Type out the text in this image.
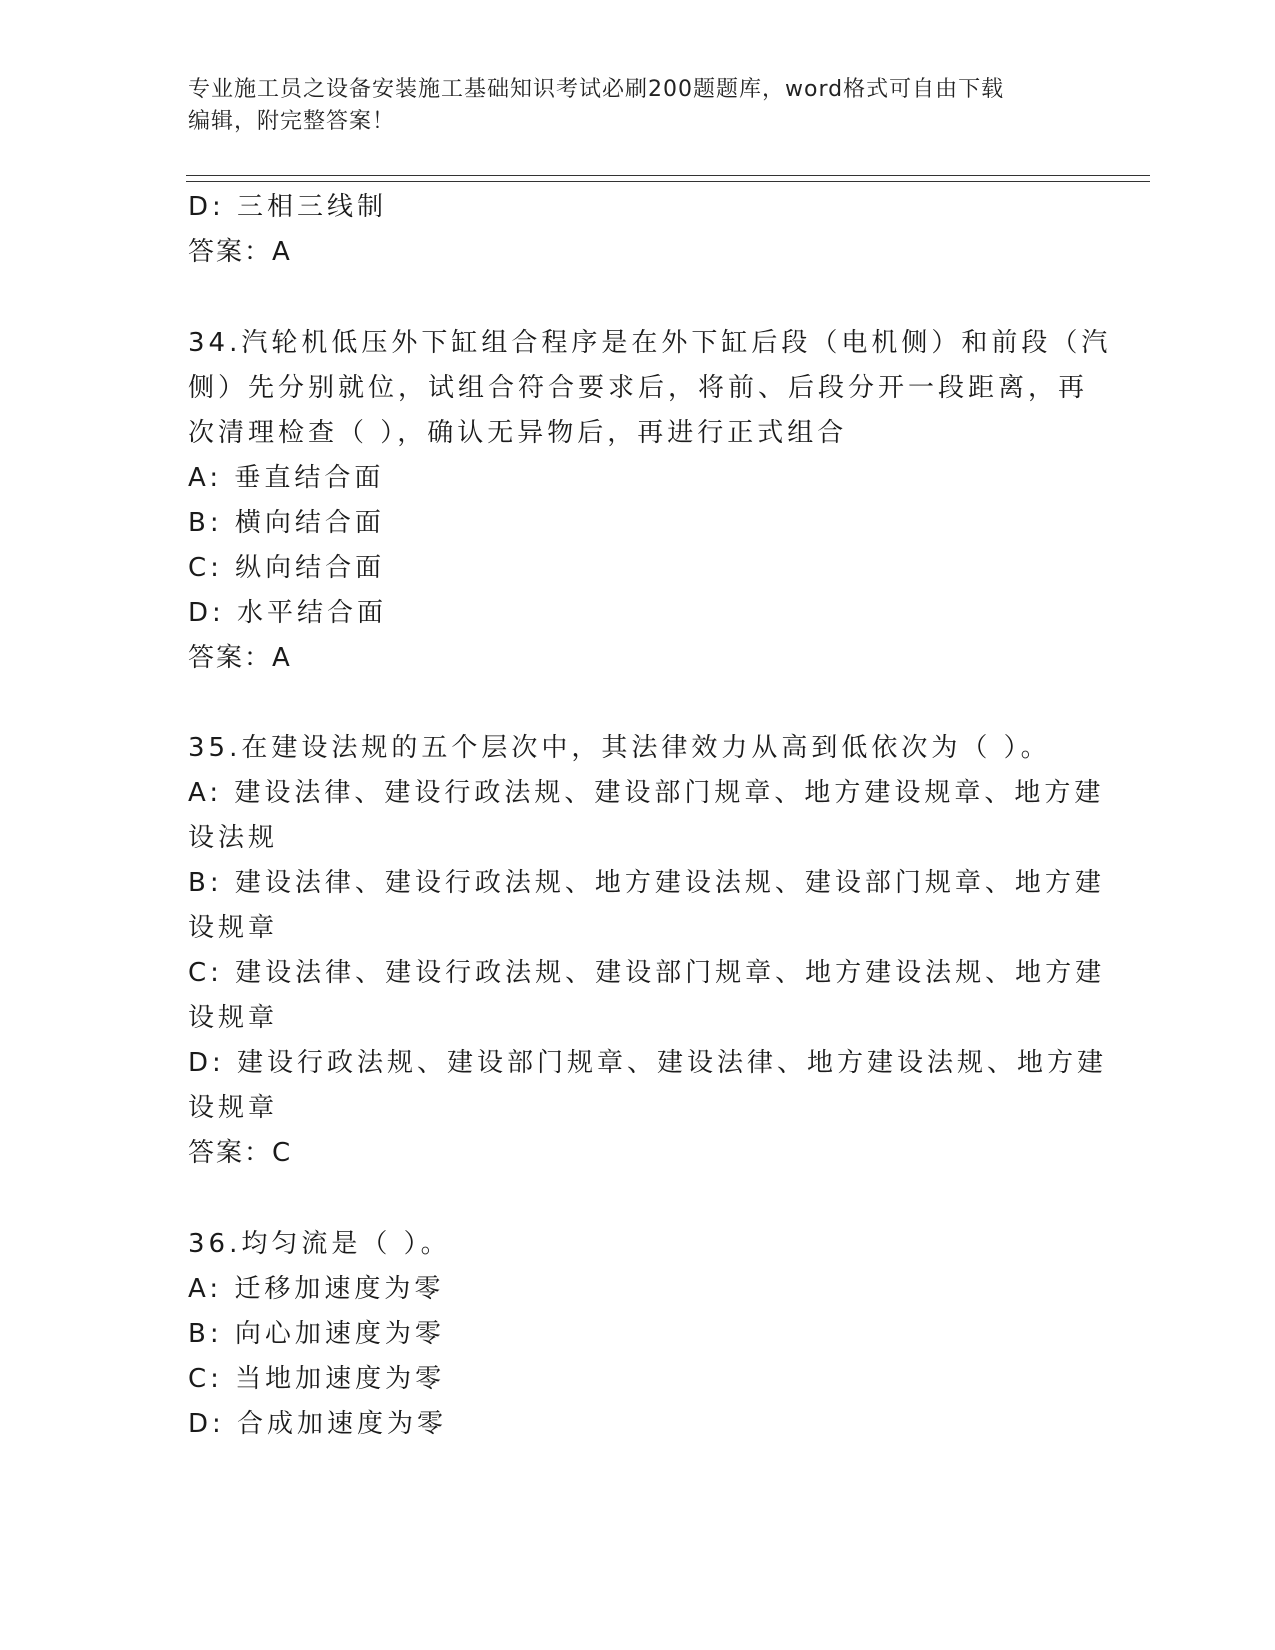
专业施工员之设备安装施工基础知识考试必刷200题题库，word格式可自由下载
编辑，附完整答案！
D: 三相三线制
答案：A
34.汽轮机低压外下缸组合程序是在外下缸后段（电机侧）和前段（汽
侧）先分别就位，试组合符合要求后，将前、后段分开一段距离，再
次清理检查（ ），确认无异物后，再进行正式组合
A: 垂直结合面
B: 横向结合面
C: 纵向结合面
D: 水平结合面
答案：A
35.在建设法规的五个层次中，其法律效力从高到低依次为（ ）。
A: 建设法律、建设行政法规、建设部门规章、地方建设规章、地方建
设法规
B: 建设法律、建设行政法规、地方建设法规、建设部门规章、地方建
设规章
C: 建设法律、建设行政法规、建设部门规章、地方建设法规、地方建
设规章
D: 建设行政法规、建设部门规章、建设法律、地方建设法规、地方建
设规章
答案：C
36.均匀流是（ ）。
A: 迁移加速度为零
B: 向心加速度为零
C: 当地加速度为零
D: 合成加速度为零
